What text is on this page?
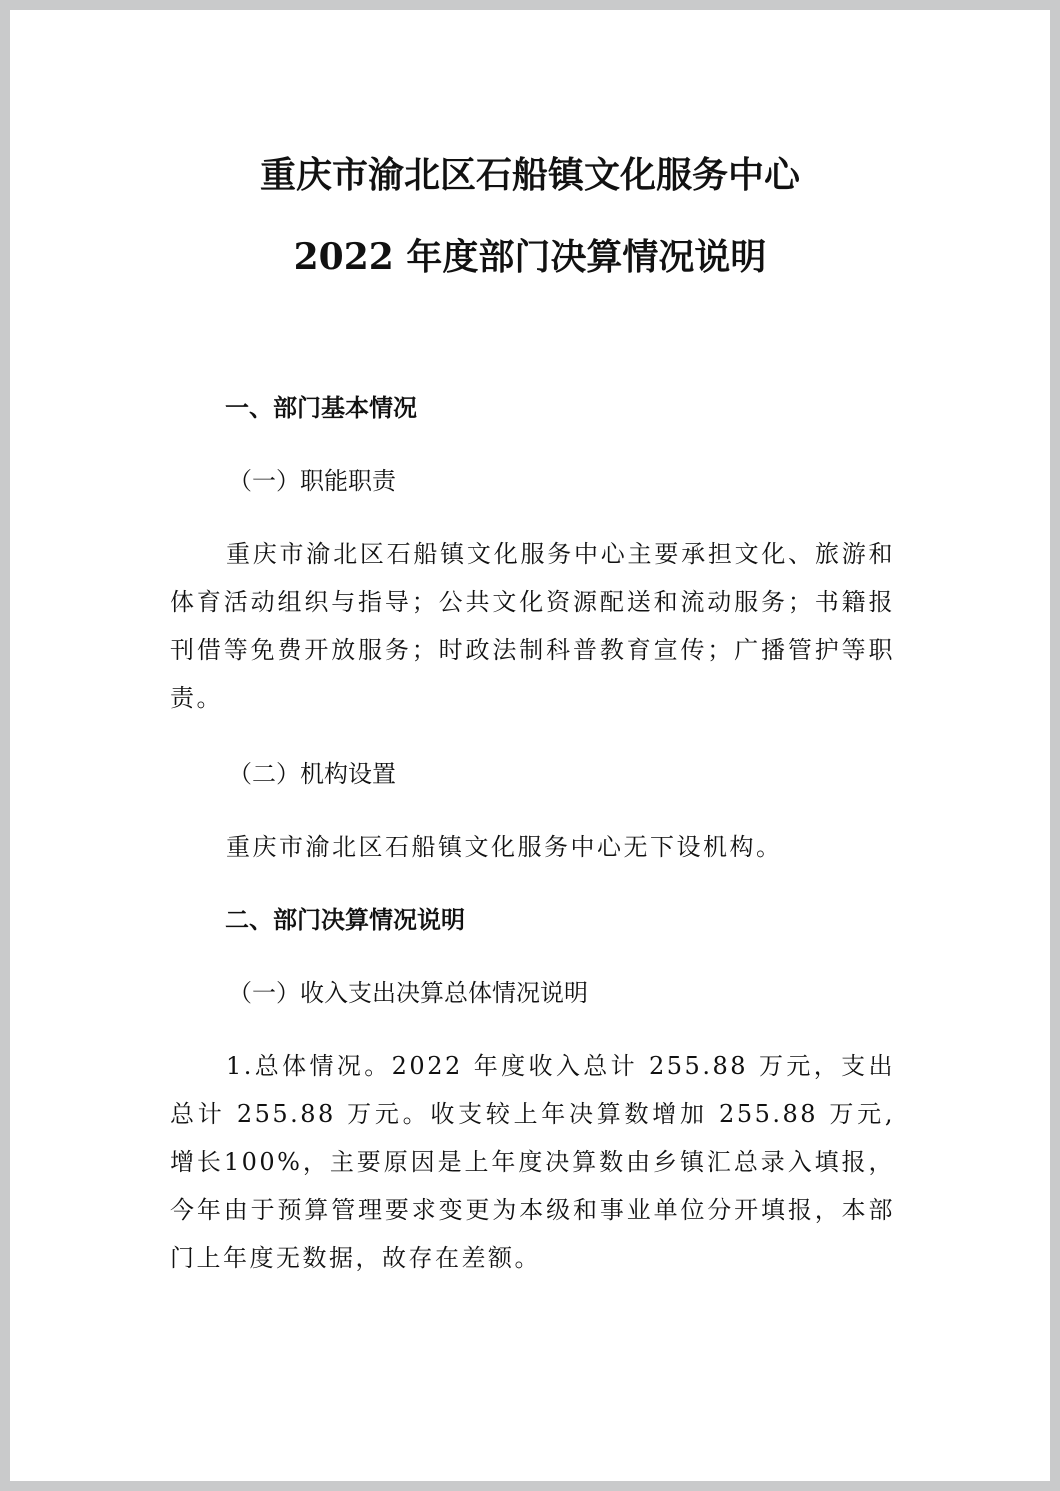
重庆市渝北区石船镇文化服务中心
2022 年度部门决算情况说明
一、部门基本情况
（一）职能职责
重庆市渝北区石船镇文化服务中心主要承担文化、旅游和体育活动组织与指导；公共文化资源配送和流动服务；书籍报刊借等免费开放服务；时政法制科普教育宣传；广播管护等职责。
（二）机构设置
重庆市渝北区石船镇文化服务中心无下设机构。
二、部门决算情况说明
（一）收入支出决算总体情况说明
1.总体情况。2022 年度收入总计 255.88 万元，支出总计 255.88 万元。收支较上年决算数增加 255.88 万元,增长100%，主要原因是上年度决算数由乡镇汇总录入填报，今年由于预算管理要求变更为本级和事业单位分开填报，本部门上年度无数据，故存在差额。
